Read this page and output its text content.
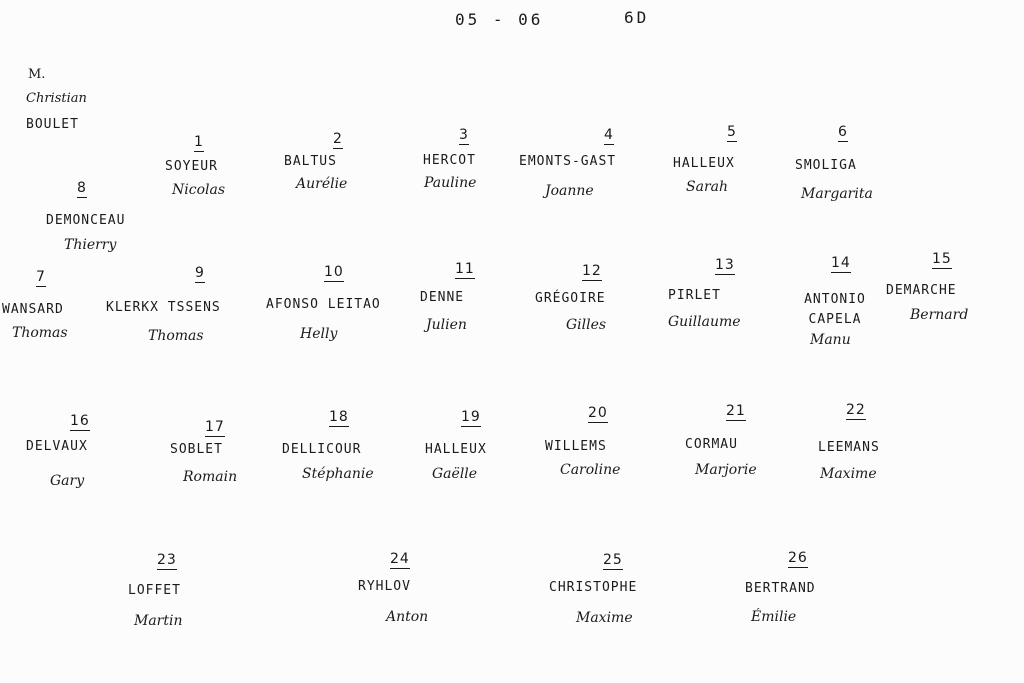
05 - 06	6D
M.
Christian
BOULET
1
SOYEUR
Nicolas
2
BALTUS
Aurélie
3
HERCOT
Pauline
4
EMONTS-GAST
Joanne
5
HALLEUX
Sarah
6
SMOLIGA
Margarita
8
DEMONCEAU
Thierry
7
WANSARD
Thomas
9
KLERKX TSSENS
Thomas
10
AFONSO LEITAO
Helly
11
DENNE
Julien
12
GRÉGOIRE
Gilles
13
PIRLET
Guillaume
14
ANTONIO CAPELA
Manu
15
DEMARCHE
Bernard
16
DELVAUX
Gary
17
SOBLET
Romain
18
DELLICOUR
Stéphanie
19
HALLEUX
Gaëlle
20
WILLEMS
Caroline
21
CORMAU
Marjorie
22
LEEMANS
Maxime
23
LOFFET
Martin
24
RYHLOV
Anton
25
CHRISTOPHE
Maxime
26
BERTRAND
Émilie
